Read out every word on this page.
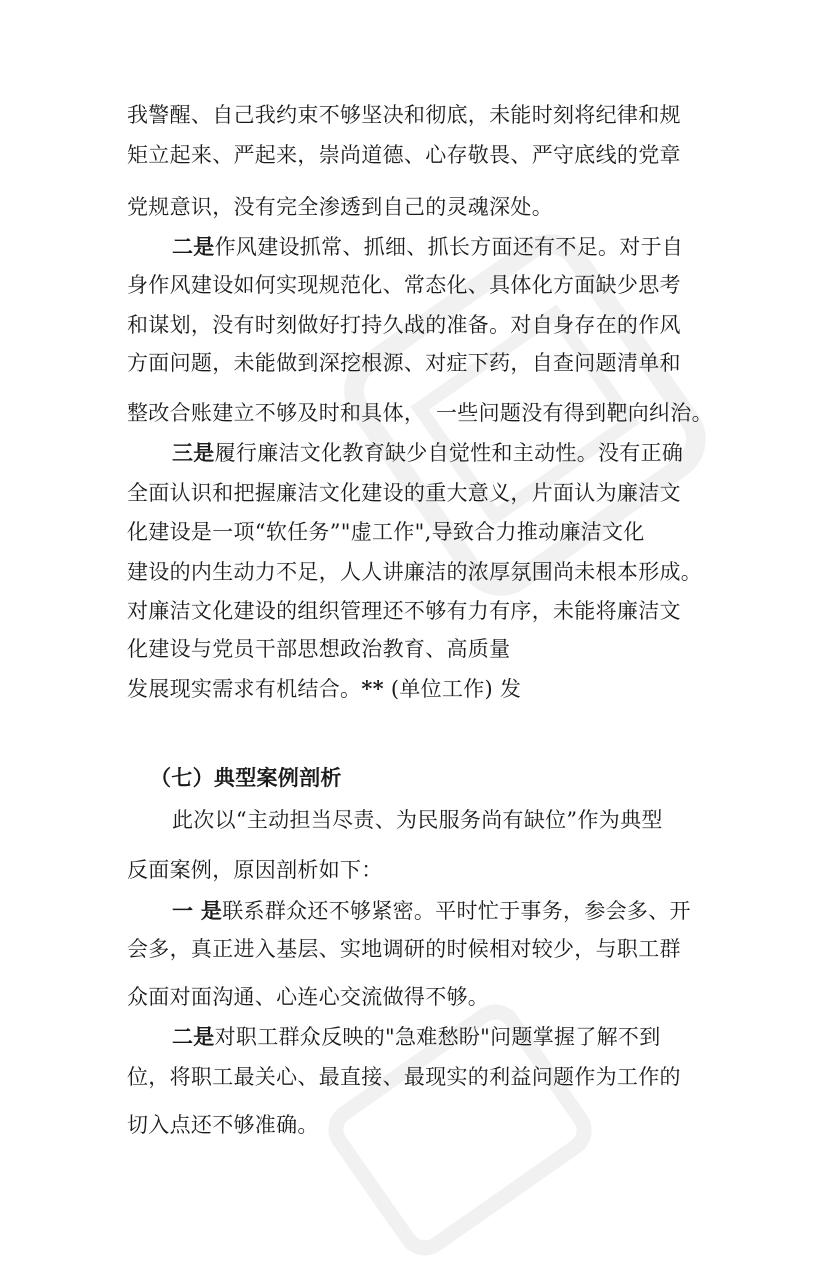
我警醒、自己我约束不够坚决和彻底，未能时刻将纪律和规
矩立起来、严起来，崇尚道德、心存敬畏、严守底线的党章
党规意识，没有完全渗透到自己的灵魂深处。
二是作风建设抓常、抓细、抓长方面还有不足。对于自
身作风建设如何实现规范化、常态化、具体化方面缺少思考
和谋划，没有时刻做好打持久战的准备。对自身存在的作风
方面问题，未能做到深挖根源、对症下药，自查问题清单和
整改合账建立不够及时和具体，　一些问题没有得到靶向纠治。
三是履行廉洁文化教育缺少自觉性和主动性。没有正确
全面认识和把握廉洁文化建设的重大意义，片面认为廉洁文
化建设是一项“软任务”"虚工作",导致合力推动廉洁文化
建设的内生动力不足，人人讲廉洁的浓厚氛围尚未根本形成。
对廉洁文化建设的组织管理还不够有力有序，未能将廉洁文
化建设与党员干部思想政治教育、高质量
发展现实需求有机结合。** (单位工作) 发
（七）典型案例剖析
此次以“主动担当尽责、为民服务尚有缺位”作为典型
反面案例，原因剖析如下：
一 是联系群众还不够紧密。平时忙于事务，参会多、开
会多，真正进入基层、实地调研的时候相对较少，与职工群
众面对面沟通、心连心交流做得不够。
二是对职工群众反映的"急难愁盼"问题掌握了解不到
位，将职工最关心、最直接、最现实的利益问题作为工作的
切入点还不够准确。
